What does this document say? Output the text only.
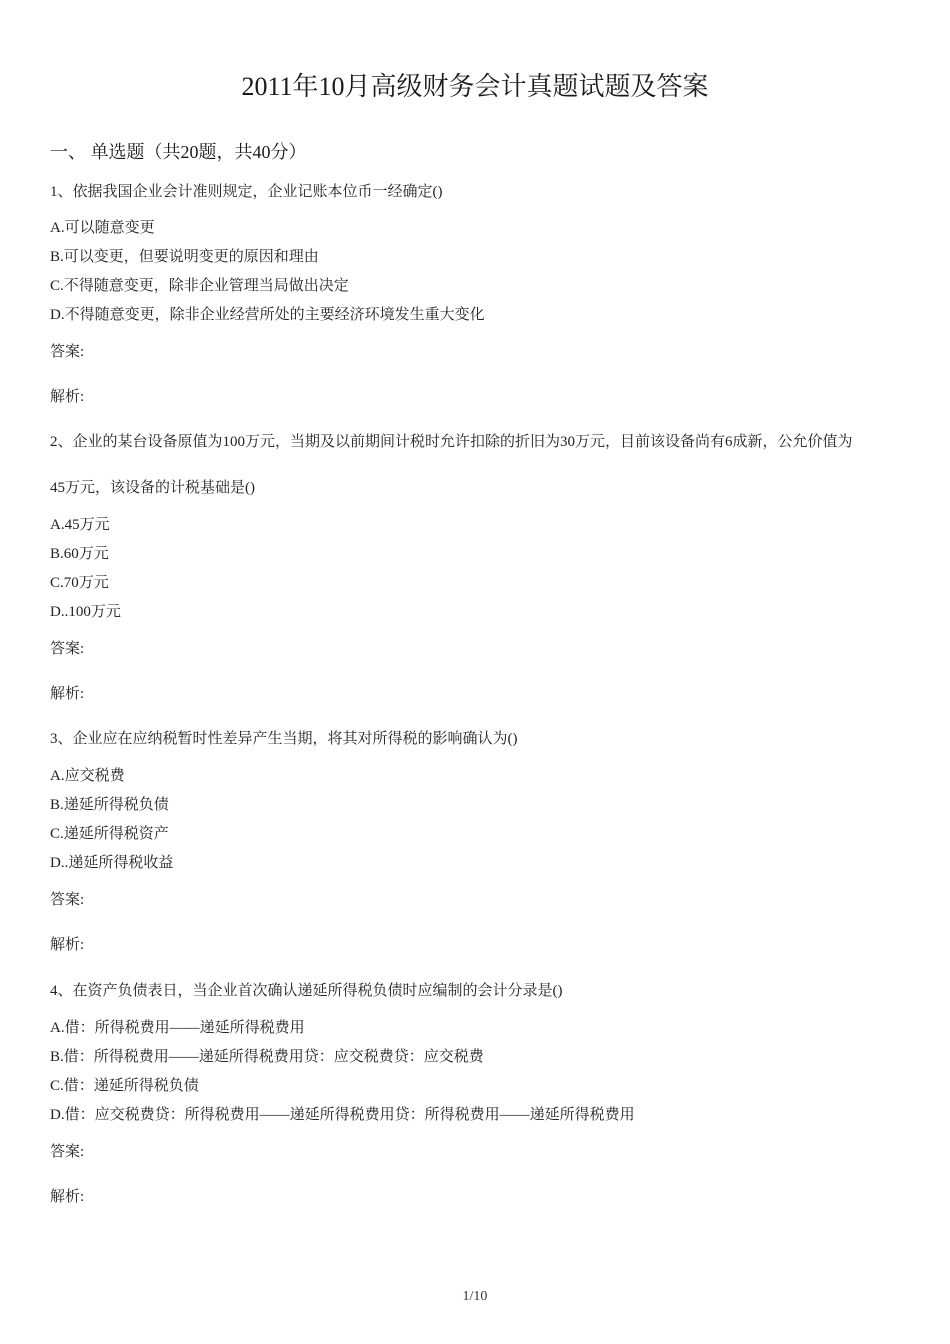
2011年10月高级财务会计真题试题及答案
一、 单选题（共20题，共40分）
1、依据我国企业会计准则规定，企业记账本位币一经确定()
A.可以随意变更
B.可以变更，但要说明变更的原因和理由
C.不得随意变更，除非企业管理当局做出决定
D.不得随意变更，除非企业经营所处的主要经济环境发生重大变化
答案:
解析:
2、企业的某台设备原值为100万元，当期及以前期间计税时允许扣除的折旧为30万元，目前该设备尚有6成新，公允价值为
45万元，该设备的计税基础是()
A.45万元
B.60万元
C.70万元
D..100万元
答案:
解析:
3、企业应在应纳税暂时性差异产生当期，将其对所得税的影响确认为()
A.应交税费
B.递延所得税负债
C.递延所得税资产
D..递延所得税收益
答案:
解析:
4、在资产负债表日，当企业首次确认递延所得税负债时应编制的会计分录是()
A.借：所得税费用——递延所得税费用
B.借：所得税费用——递延所得税费用贷：应交税费贷：应交税费
C.借：递延所得税负债
D.借：应交税费贷：所得税费用——递延所得税费用贷：所得税费用——递延所得税费用
答案:
解析:
1/10
